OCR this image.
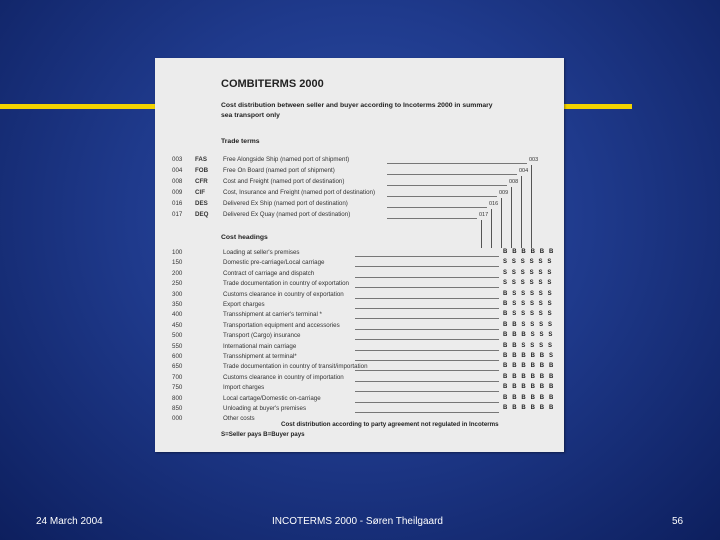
COMBITERMS 2000
Cost distribution between seller and buyer according to Incoterms 2000 in summary
sea transport only
Trade terms
003 FAS	Free Alongside Ship (named port of shipment)	003
004 FOB Free On Board (named port of shipment)	004
008 CFR Cost and Freight (named port of destination)	008
009 CIF	Cost, Insurance and Freight (named port of destination)	009
016 DES Delivered Ex Ship (named port of destination)	016
017 DEQ Delivered Ex Quay (named port of destination)	017
Cost headings
100	Loading at seller's premises	B B B B B B
150	Domestic pre-carriage/Local carriage	S S S S S S
200	Contract of carriage and dispatch	S S S S S S
250	Trade documentation in country of exportation	S S S S S S
300	Customs clearance in country of exportation	B S S S S S
350	Export charges	B S S S S S
400	Transshipment at carrier's terminal *	B S S S S S
450	Transportation equipment and accessories	B B S S S S
500	Transport (Cargo) insurance	B B B S S S
550	International main carriage	B B S S S S
600	Transshipment at terminal*	B B B B B S
650	Trade documentation in country of transit/importation	B B B B B B
700	Customs clearance in country of importation	B B B B B B
750	Import charges	B B B B B B
800	Local cartage/Domestic on-carriage	B B B B B B
850	Unloading at buyer's premises	B B B B B B
000	Other costs
Cost distribution according to party agreement not regulated in Incoterms
S=Seller pays B=Buyer pays
24 March 2004	INCOTERMS 2000 - Søren Theilgaard	56
